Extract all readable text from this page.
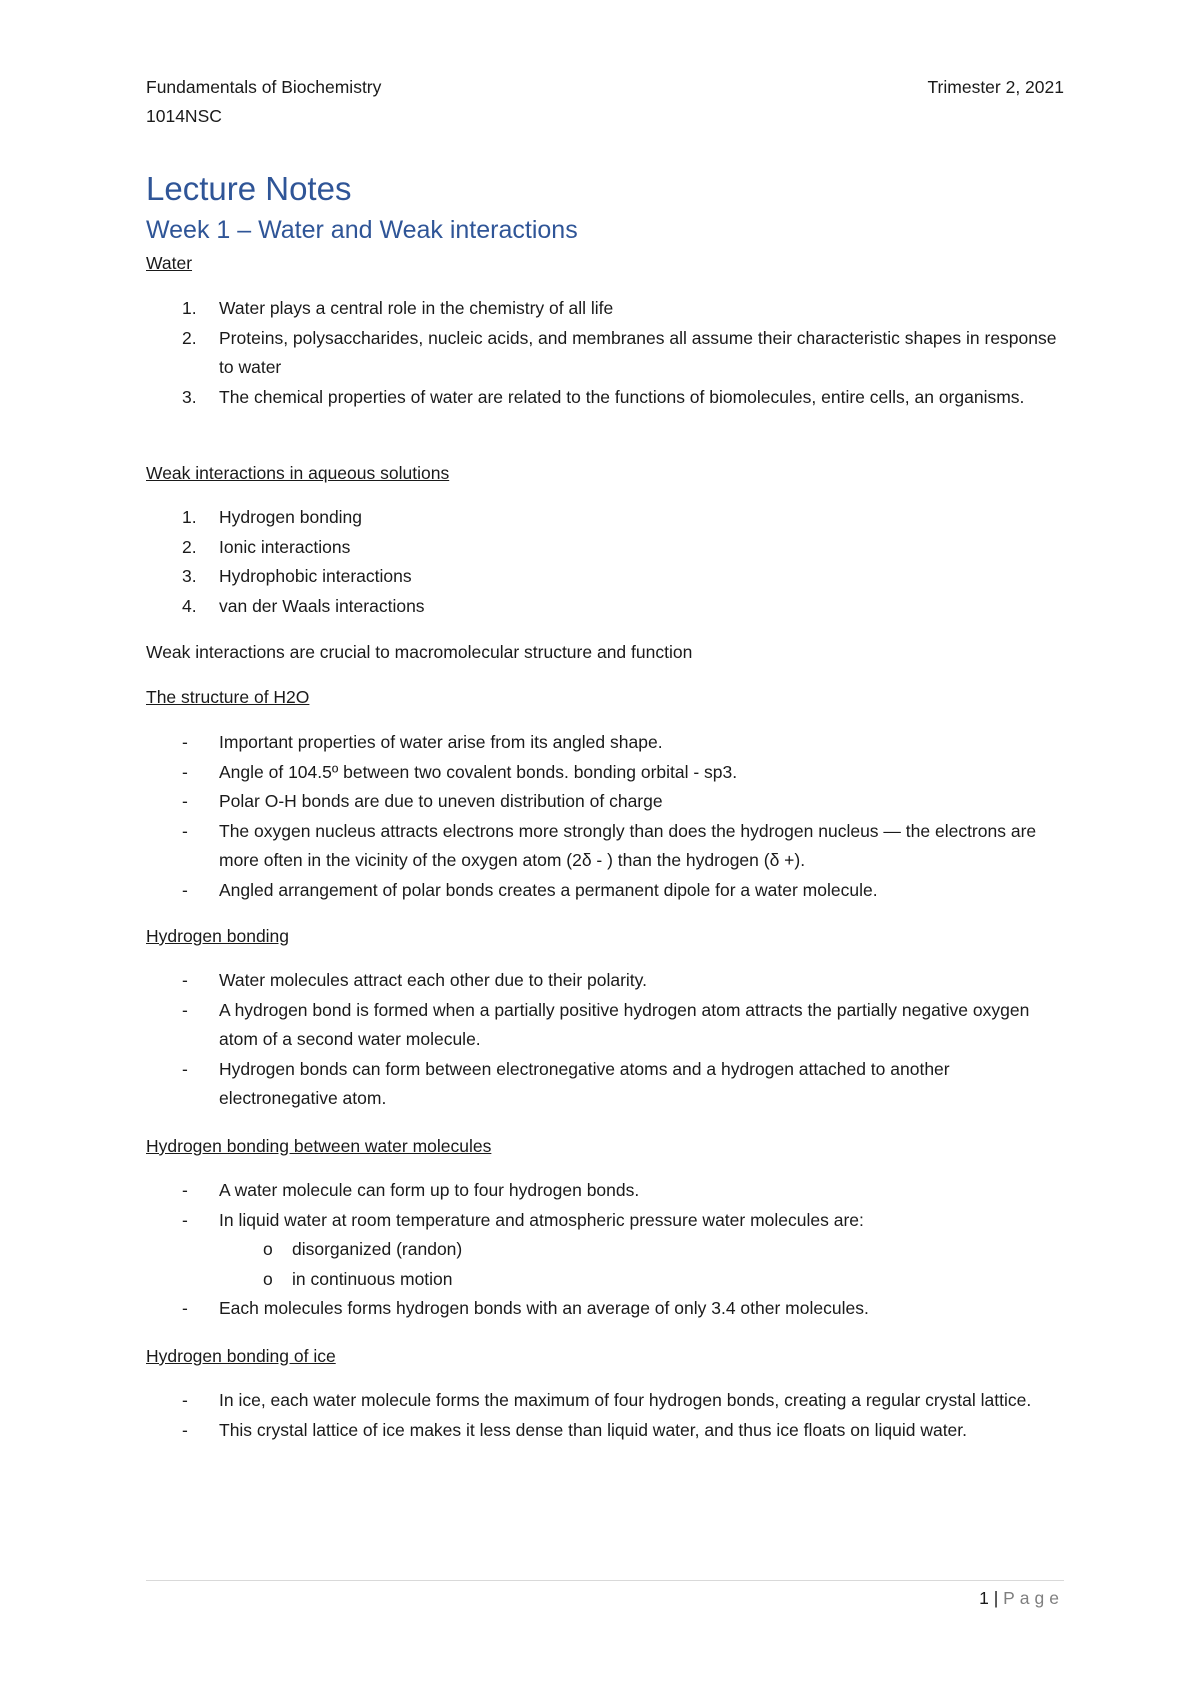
Fundamentals of Biochemistry	Trimester 2, 2021
1014NSC
Lecture Notes
Week 1 – Water and Weak interactions
Water
1. Water plays a central role in the chemistry of all life
2. Proteins, polysaccharides, nucleic acids, and membranes all assume their characteristic shapes in response to water
3. The chemical properties of water are related to the functions of biomolecules, entire cells, an organisms.
Weak interactions in aqueous solutions
1. Hydrogen bonding
2. Ionic interactions
3. Hydrophobic interactions
4. van der Waals interactions
Weak interactions are crucial to macromolecular structure and function
The structure of H2O
- Important properties of water arise from its angled shape.
- Angle of 104.5º between two covalent bonds. bonding orbital - sp3.
- Polar O-H bonds are due to uneven distribution of charge
- The oxygen nucleus attracts electrons more strongly than does the hydrogen nucleus — the electrons are more often in the vicinity of the oxygen atom (2δ - ) than the hydrogen (δ +).
- Angled arrangement of polar bonds creates a permanent dipole for a water molecule.
Hydrogen bonding
- Water molecules attract each other due to their polarity.
- A hydrogen bond is formed when a partially positive hydrogen atom attracts the partially negative oxygen atom of a second water molecule.
- Hydrogen bonds can form between electronegative atoms and a hydrogen attached to another electronegative atom.
Hydrogen bonding between water molecules
- A water molecule can form up to four hydrogen bonds.
- In liquid water at room temperature and atmospheric pressure water molecules are:
o disorganized (randon)
o in continuous motion
- Each molecules forms hydrogen bonds with an average of only 3.4 other molecules.
Hydrogen bonding of ice
- In ice, each water molecule forms the maximum of four hydrogen bonds, creating a regular crystal lattice.
- This crystal lattice of ice makes it less dense than liquid water, and thus ice floats on liquid water.
1 | Page
